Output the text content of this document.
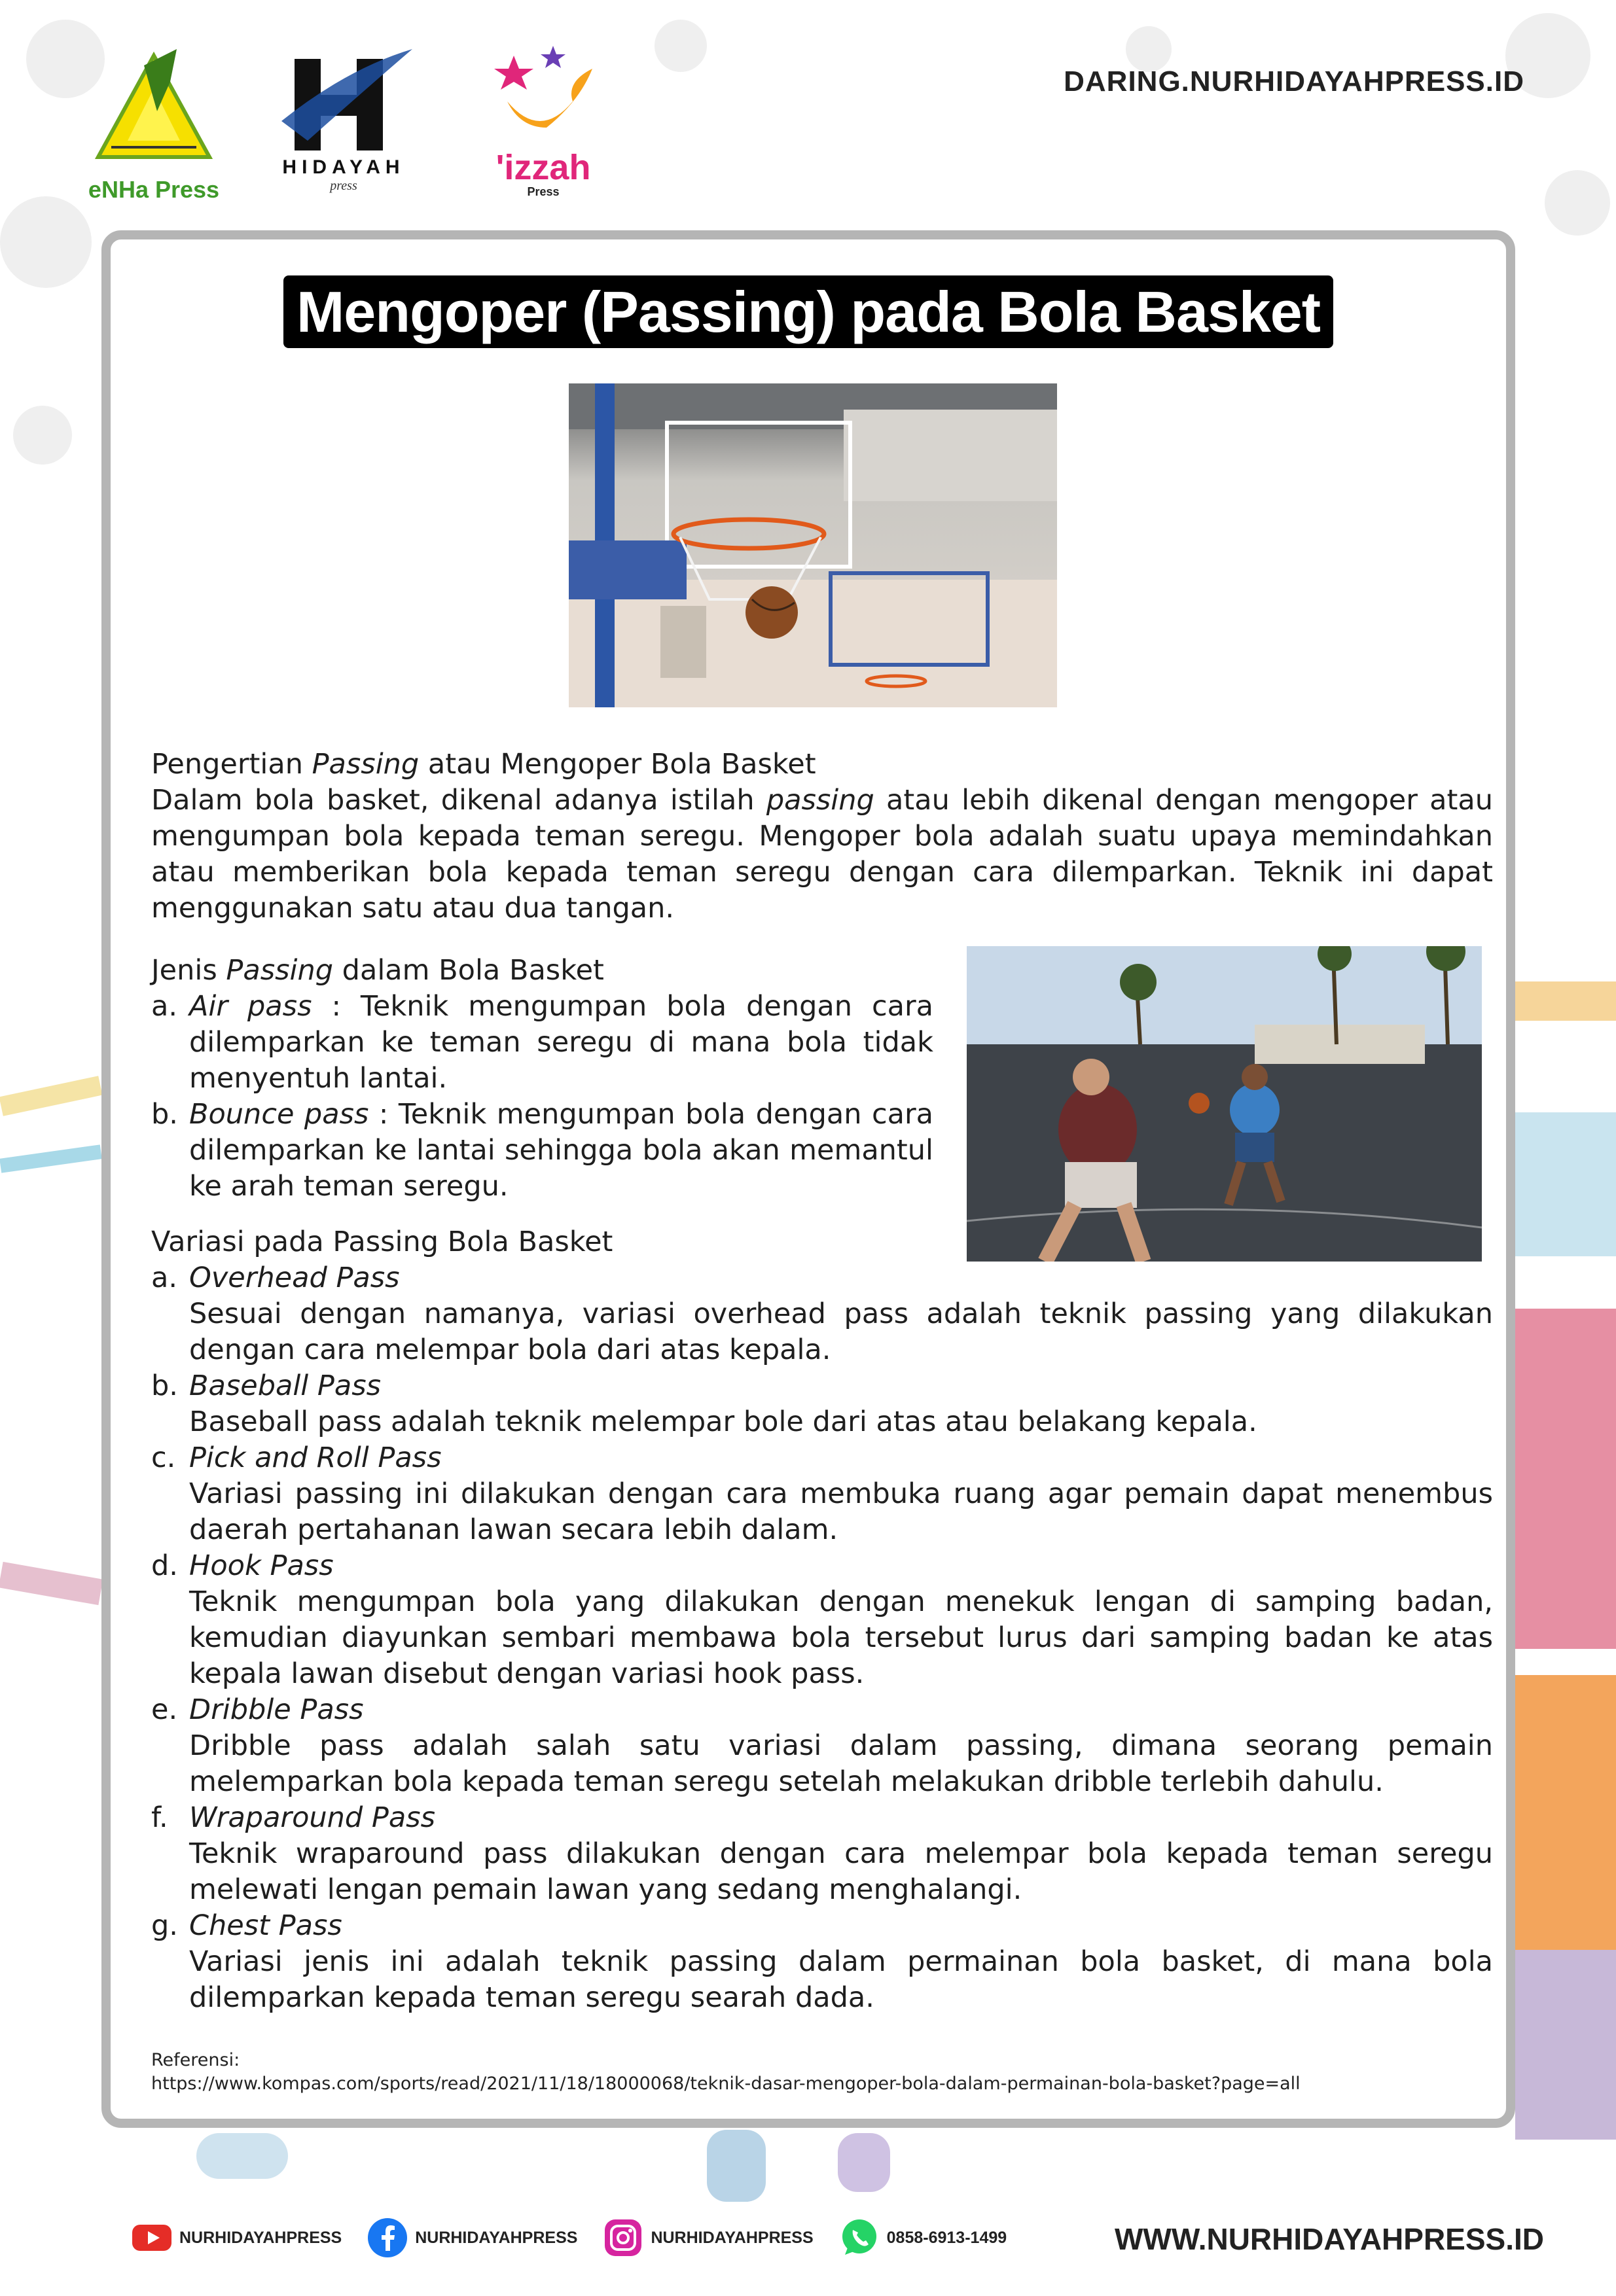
eNHa Press
HIDAYAH
press	'izzah
Press
DARING.NURHIDAYAHPRESS.ID
Mengoper (Passing) pada Bola Basket
Pengertian Passing atau Mengoper Bola Basket
Dalam bola basket, dikenal adanya istilah passing atau lebih dikenal dengan mengoper atau mengumpan bola kepada teman seregu. Mengoper bola adalah suatu upaya memindahkan atau memberikan bola kepada teman seregu dengan cara dilemparkan. Teknik ini dapat menggunakan satu atau dua tangan.
Jenis Passing dalam Bola Basket
a. Air pass : Teknik mengumpan bola dengan cara dilemparkan ke teman seregu di mana bola tidak menyentuh lantai.
b. Bounce pass : Teknik mengumpan bola dengan cara dilemparkan ke lantai sehingga bola akan memantul ke arah teman seregu.
Variasi pada Passing Bola Basket
a. Overhead Pass
Sesuai dengan namanya, variasi overhead pass adalah teknik passing yang dilakukan dengan cara melempar bola dari atas kepala.
b. Baseball Pass
Baseball pass adalah teknik melempar bole dari atas atau belakang kepala.
c. Pick and Roll Pass
Variasi passing ini dilakukan dengan cara membuka ruang agar pemain dapat menembus daerah pertahanan lawan secara lebih dalam.
d. Hook Pass
Teknik mengumpan bola yang dilakukan dengan menekuk lengan di samping badan, kemudian diayunkan sembari membawa bola tersebut lurus dari samping badan ke atas kepala lawan disebut dengan variasi hook pass.
e. Dribble Pass
Dribble pass adalah salah satu variasi dalam passing, dimana seorang pemain melemparkan bola kepada teman seregu setelah melakukan dribble terlebih dahulu.
f. Wraparound Pass
Teknik wraparound pass dilakukan dengan cara melempar bola kepada teman seregu melewati lengan pemain lawan yang sedang menghalangi.
g. Chest Pass
Variasi jenis ini adalah teknik passing dalam permainan bola basket, di mana bola dilemparkan kepada teman seregu searah dada.
Referensi:
https://www.kompas.com/sports/read/2021/11/18/18000068/teknik-dasar-mengoper-bola-dalam-permainan-bola-basket?page=all
NURHIDAYAHPRESS	NURHIDAYAHPRESS	NURHIDAYAHPRESS	0858-6913-1499	WWW.NURHIDAYAHPRESS.ID
